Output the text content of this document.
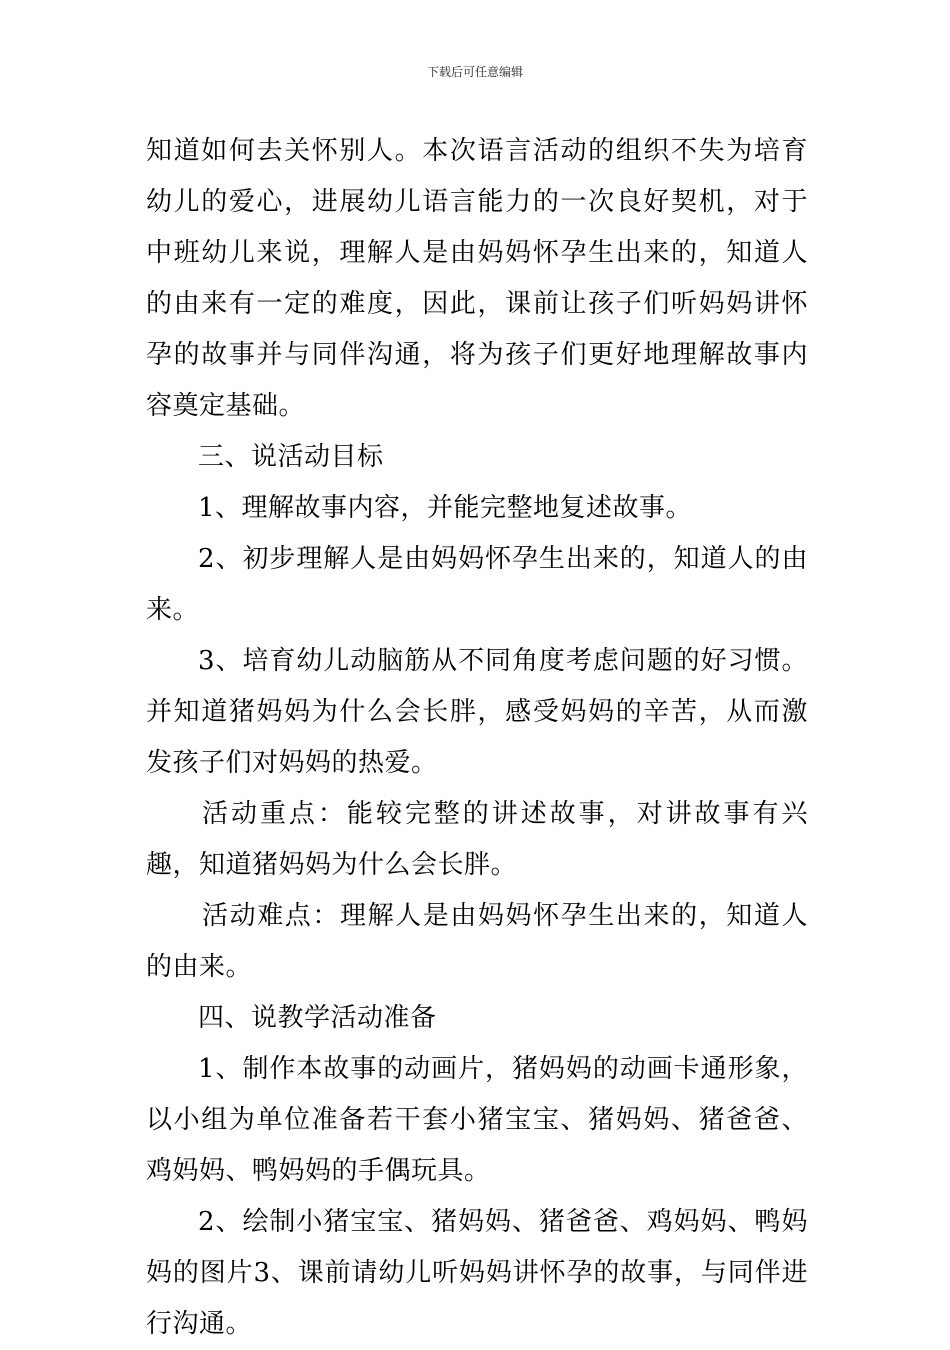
下载后可任意编辑

知道如何去关怀别人。本次语言活动的组织不失为培育幼儿的爱心，进展幼儿语言能力的一次良好契机，对于中班幼儿来说，理解人是由妈妈怀孕生出来的，知道人的由来有一定的难度，因此，课前让孩子们听妈妈讲怀孕的故事并与同伴沟通，将为孩子们更好地理解故事内容奠定基础。

三、说活动目标

1、理解故事内容，并能完整地复述故事。

2、初步理解人是由妈妈怀孕生出来的，知道人的由来。

3、培育幼儿动脑筋从不同角度考虑问题的好习惯。并知道猪妈妈为什么会长胖，感受妈妈的辛苦，从而激发孩子们对妈妈的热爱。

活动重点：能较完整的讲述故事，对讲故事有兴趣，知道猪妈妈为什么会长胖。

活动难点：理解人是由妈妈怀孕生出来的，知道人的由来。

四、说教学活动准备

1、制作本故事的动画片，猪妈妈的动画卡通形象，以小组为单位准备若干套小猪宝宝、猪妈妈、猪爸爸、鸡妈妈、鸭妈妈的手偶玩具。

2、绘制小猪宝宝、猪妈妈、猪爸爸、鸡妈妈、鸭妈妈的图片3、课前请幼儿听妈妈讲怀孕的故事，与同伴进行沟通。
